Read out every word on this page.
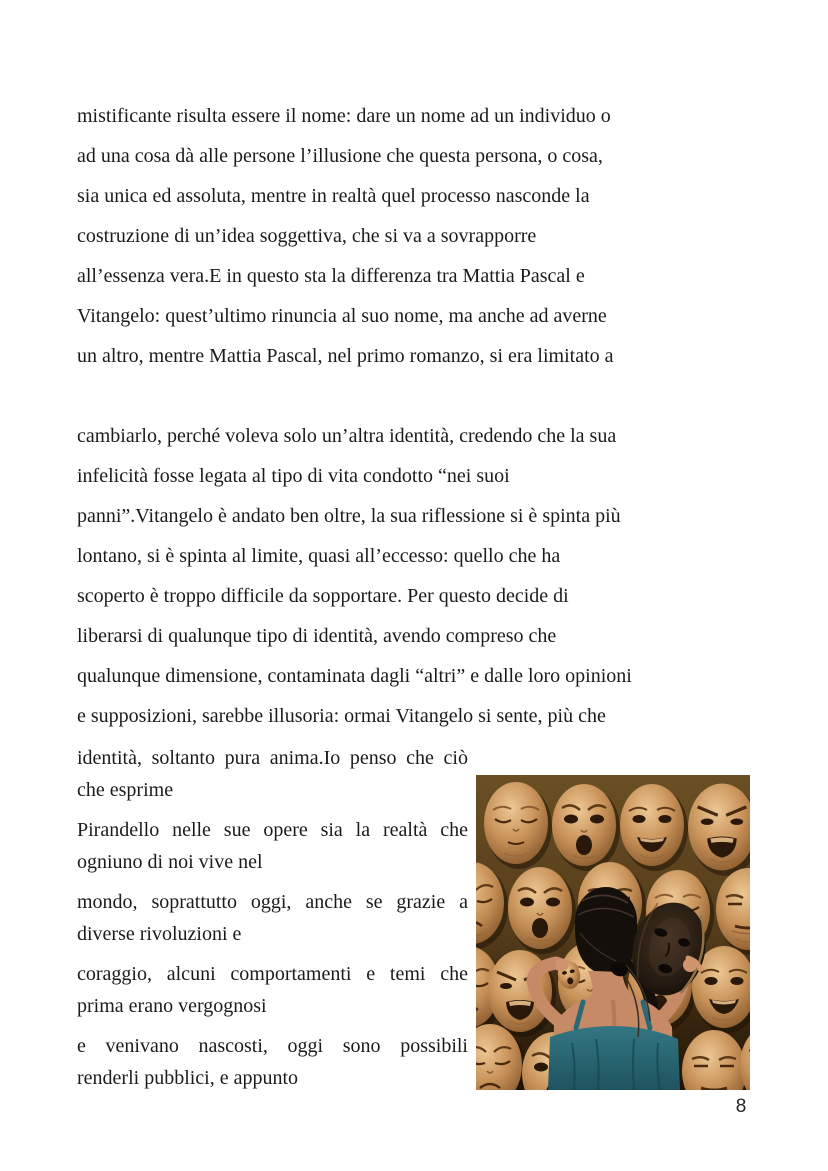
mistificante risulta essere il nome: dare un nome ad un individuo o
ad una cosa dà alle persone l’illusione che questa persona, o cosa,
sia unica ed assoluta, mentre in realtà quel processo nasconde la
costruzione di un’idea soggettiva, che si va a sovrapporre
all’essenza vera.E in questo sta la differenza tra Mattia Pascal e
Vitangelo: quest’ultimo rinuncia al suo nome, ma anche ad averne
un altro, mentre Mattia Pascal, nel primo romanzo, si era limitato a
cambiarlo, perché voleva solo un’altra identità, credendo che la sua
infelicità fosse legata al tipo di vita condotto “nei suoi
panni”.Vitangelo è andato ben oltre, la sua riflessione si è spinta più
lontano, si è spinta al limite, quasi all’eccesso: quello che ha
scoperto è troppo difficile da sopportare. Per questo decide di
liberarsi di qualunque tipo di identità, avendo compreso che
qualunque dimensione, contaminata dagli “altri” e dalle loro opinioni
e supposizioni, sarebbe illusoria: ormai Vitangelo si sente, più che
identità, soltanto pura anima.Io penso che ciò
che esprime
Pirandello nelle sue opere sia la realtà che
ogniuno di noi vive nel
mondo, soprattutto oggi, anche se grazie a
diverse rivoluzioni e
coraggio, alcuni comportamenti e temi che
prima erano vergognosi
e venivano nascosti, oggi sono possibili
renderli pubblici, e appunto
8
